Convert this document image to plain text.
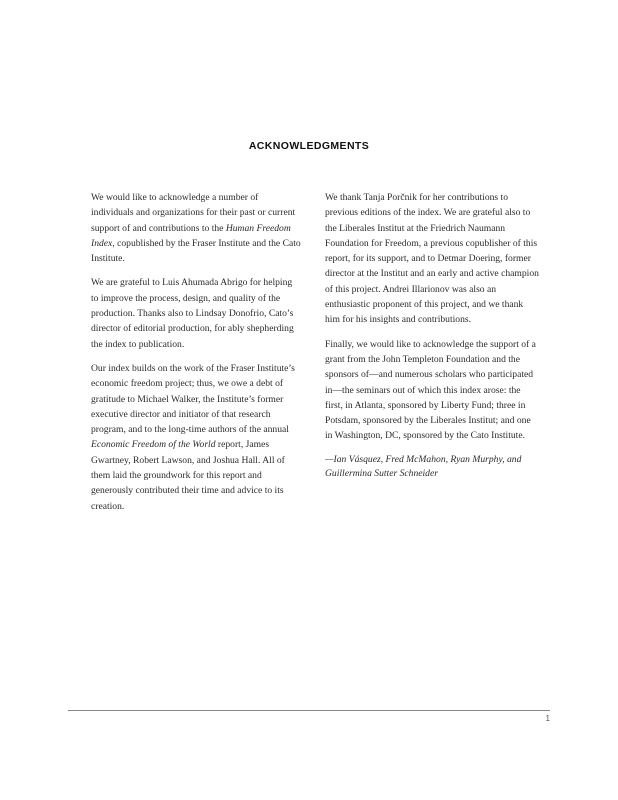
ACKNOWLEDGMENTS

We would like to acknowledge a number of individuals and organizations for their past or current support of and contributions to the Human Freedom Index, copublished by the Fraser Institute and the Cato Institute.

We are grateful to Luis Ahumada Abrigo for helping to improve the process, design, and quality of the production. Thanks also to Lindsay Donofrio, Cato’s director of editorial production, for ably shepherding the index to publication.

Our index builds on the work of the Fraser Institute’s economic freedom project; thus, we owe a debt of gratitude to Michael Walker, the Institute’s former executive director and initiator of that research program, and to the long-time authors of the annual Economic Freedom of the World report, James Gwartney, Robert Lawson, and Joshua Hall. All of them laid the groundwork for this report and generously contributed their time and advice to its creation.

We thank Tanja Porčnik for her contributions to previous editions of the index. We are grateful also to the Liberales Institut at the Friedrich Naumann Foundation for Freedom, a previous copublisher of this report, for its support, and to Detmar Doering, former director at the Institut and an early and active champion of this project. Andrei Illarionov was also an enthusiastic proponent of this project, and we thank him for his insights and contributions.

Finally, we would like to acknowledge the support of a grant from the John Templeton Foundation and the sponsors of—and numerous scholars who participated in—the seminars out of which this index arose: the first, in Atlanta, sponsored by Liberty Fund; three in Potsdam, sponsored by the Liberales Institut; and one in Washington, DC, sponsored by the Cato Institute.

—Ian Vásquez, Fred McMahon, Ryan Murphy, and Guillermina Sutter Schneider

1
